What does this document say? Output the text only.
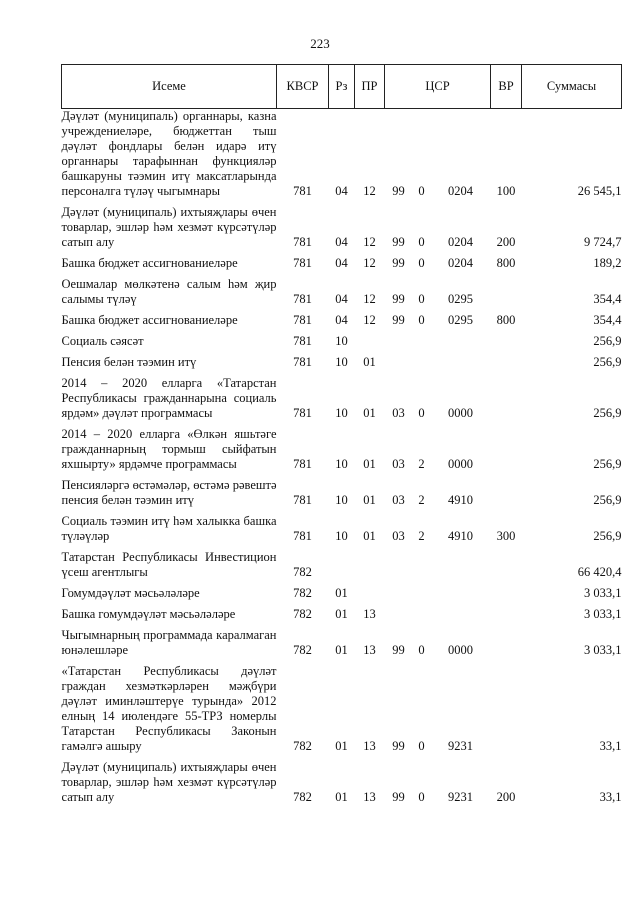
223
Исеме	КВСР	Рз	ПР	ЦСР			ВР	Суммасы
Дәүләт (муниципаль) органнары, казна учреждениеләре, бюджеттан тыш дәүләт фондлары белән идарә итү органнары тарафыннан функцияләр башкаруны тәэмин итү максатларында персоналга түләү чыгымнары	781	04	12	99	0	0204	100	26 545,1

Дәүләт (муниципаль) ихтыяҗлары өчен товарлар, эшләр һәм хезмәт күрсәтүләр сатып алу	781	04	12	99	0	0204	200	9 724,7

Башка бюджет ассигнованиеләре	781	04	12	99	0	0204	800	189,2

Оешмалар мөлкәтенә салым һәм җир салымы түләү	781	04	12	99	0	0295		354,4

Башка бюджет ассигнованиеләре	781	04	12	99	0	0295	800	354,4

Социаль сәясәт	781	10						256,9

Пенсия белән тәэмин итү	781	10	01					256,9

2014 – 2020 елларга «Татарстан Республикасы гражданнарына социаль ярдәм» дәүләт программасы	781	10	01	03	0	0000		256,9

2014 – 2020 елларга «Өлкән яшьтәге гражданнарның тормыш сыйфатын яхшырту» ярдәмче программасы	781	10	01	03	2	0000		256,9

Пенсияләргә өстәмәләр, өстәмә рәвештә пенсия белән тәэмин итү	781	10	01	03	2	4910		256,9

Социаль тәэмин итү һәм халыкка башка түләүләр	781	10	01	03	2	4910	300	256,9

Татарстан Республикасы Инвестицион үсеш агентлыгы	782							66 420,4

Гомумдәүләт мәсьәләләре	782	01						3 033,1

Башка гомумдәүләт мәсьәләләре	782	01	13					3 033,1

Чыгымнарның программада каралмаган юнәлешләре	782	01	13	99	0	0000		3 033,1

«Татарстан Республикасы дәүләт граждан хезмәткәрләрен мәҗбүри дәүләт иминләштерүе турында» 2012 елның 14 июлендәге 55-ТРЗ номерлы Татарстан Республикасы Законын гамәлгә ашыру	782	01	13	99	0	9231		33,1

Дәүләт (муниципаль) ихтыяҗлары өчен товарлар, эшләр һәм хезмәт күрсәтүләр сатып алу	782	01	13	99	0	9231	200	33,1
